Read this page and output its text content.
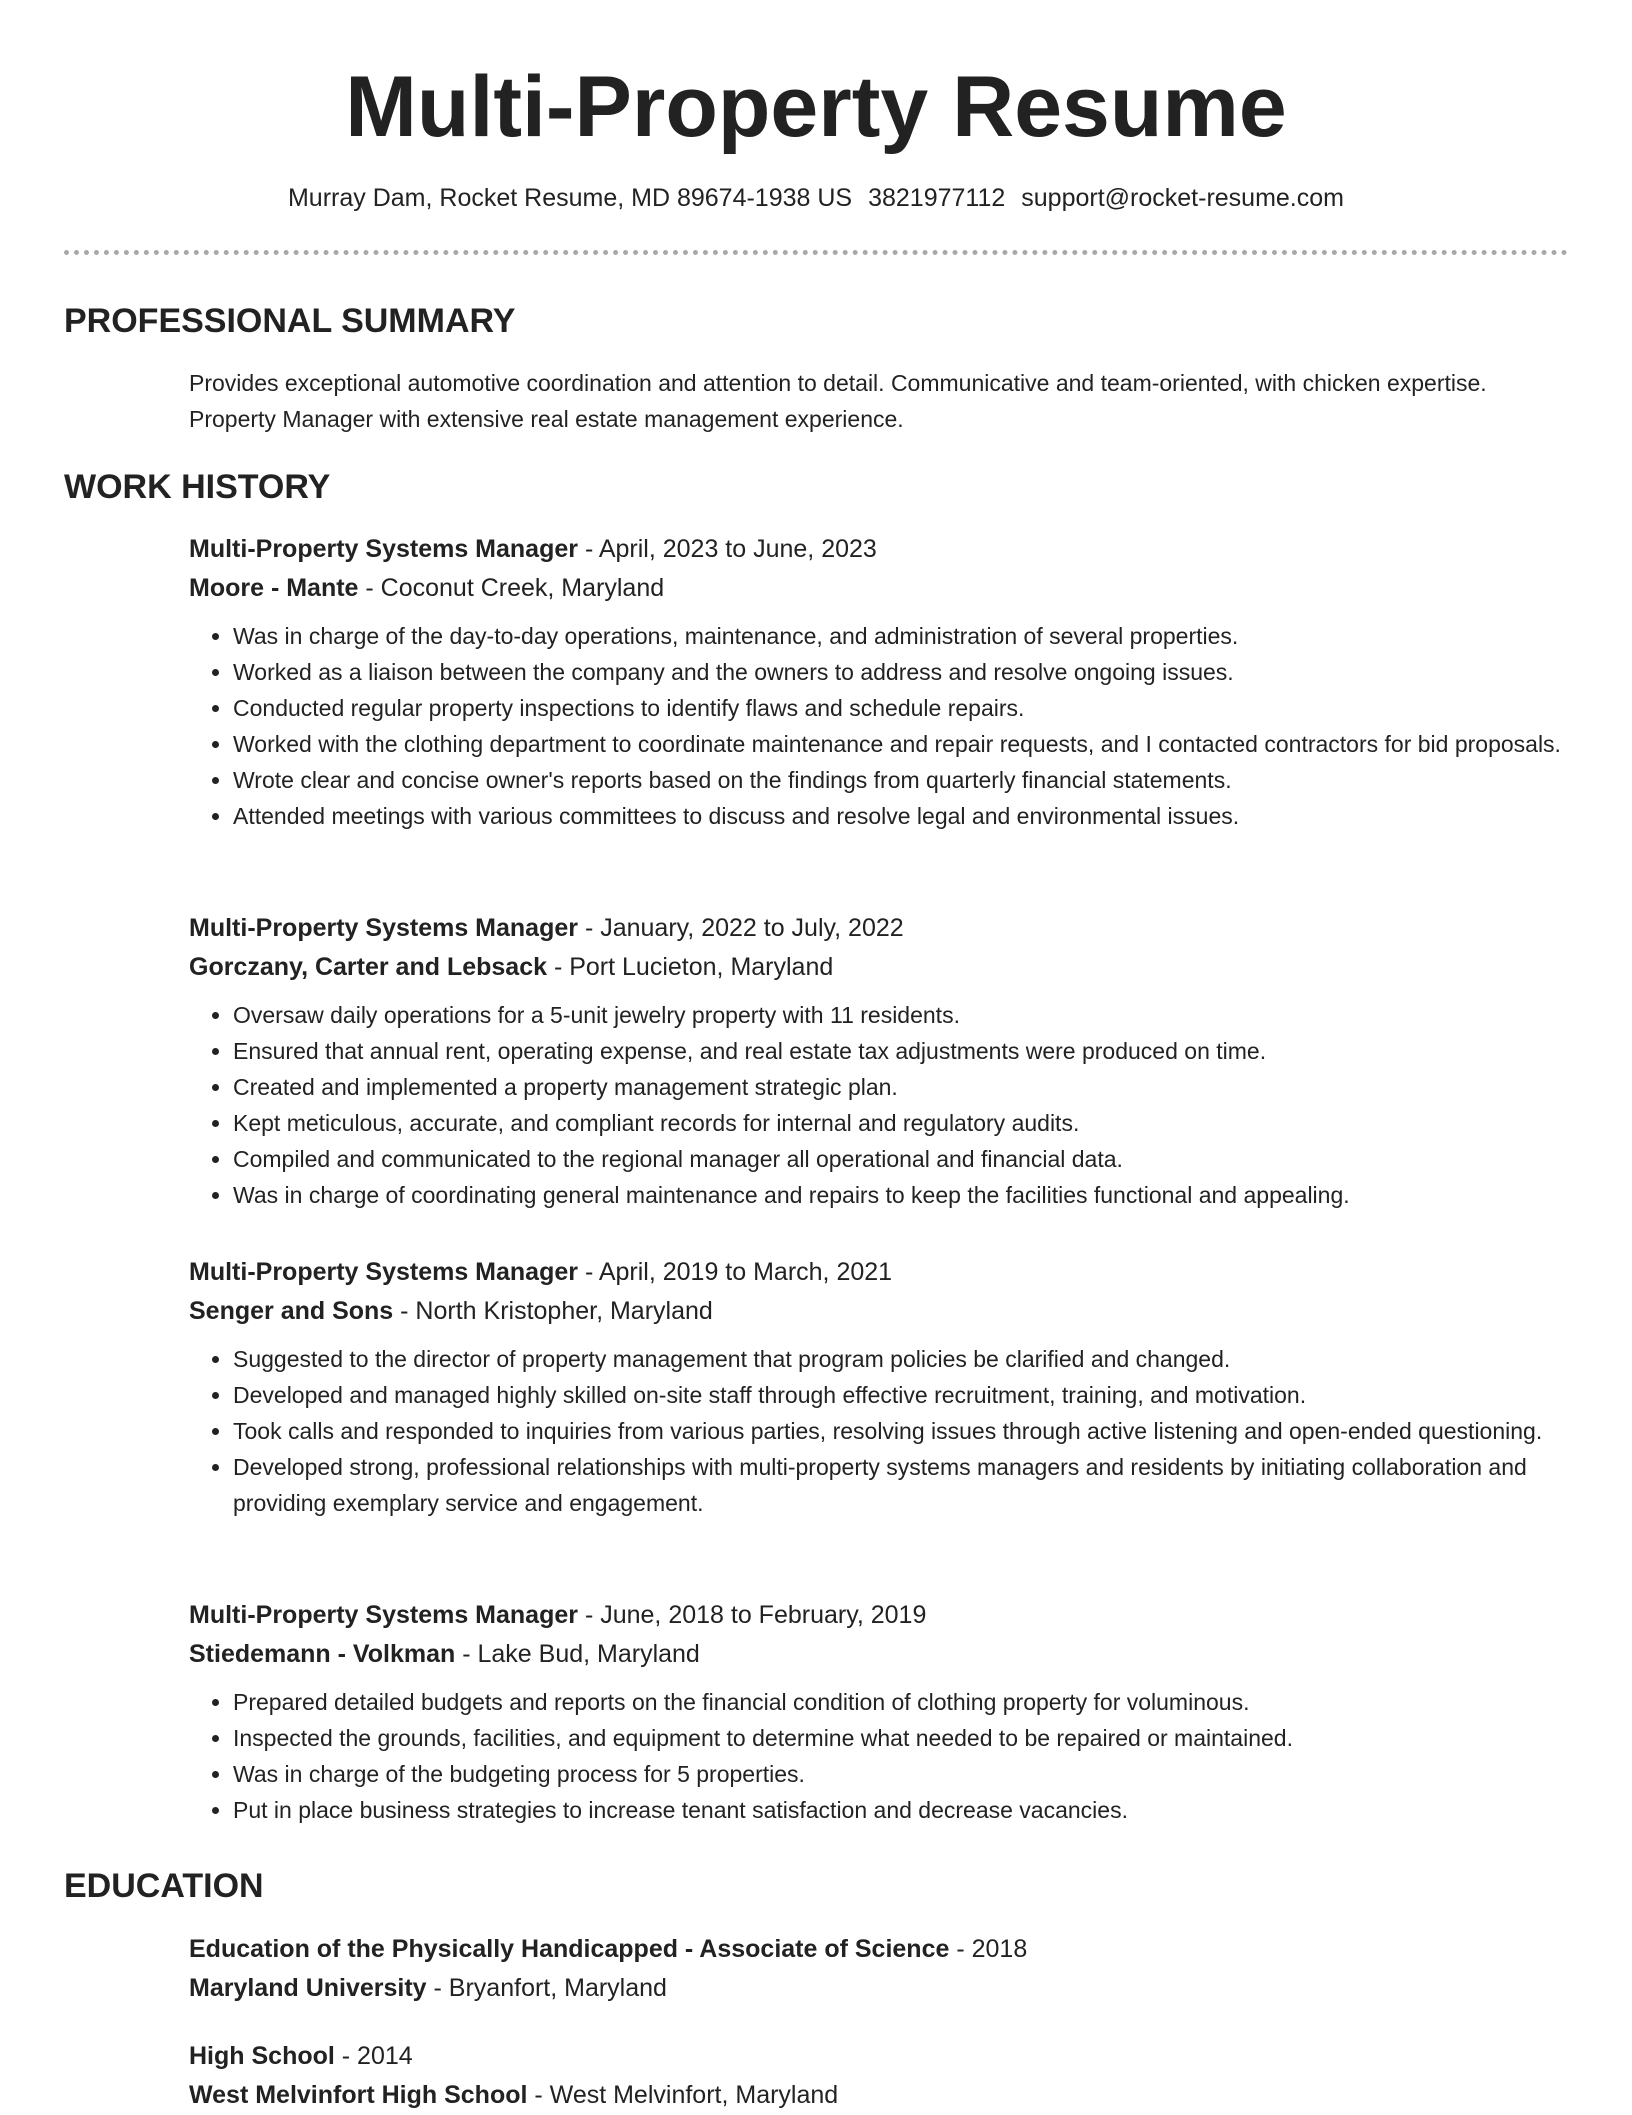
Multi-Property Resume
Murray Dam, Rocket Resume, MD 89674-1938 US 3821977112 support@rocket-resume.com
PROFESSIONAL SUMMARY
Provides exceptional automotive coordination and attention to detail. Communicative and team-oriented, with chicken expertise. Property Manager with extensive real estate management experience.
WORK HISTORY
Multi-Property Systems Manager - April, 2023 to June, 2023
Moore - Mante - Coconut Creek, Maryland
• Was in charge of the day-to-day operations, maintenance, and administration of several properties.
• Worked as a liaison between the company and the owners to address and resolve ongoing issues.
• Conducted regular property inspections to identify flaws and schedule repairs.
• Worked with the clothing department to coordinate maintenance and repair requests, and I contacted contractors for bid proposals.
• Wrote clear and concise owner's reports based on the findings from quarterly financial statements.
• Attended meetings with various committees to discuss and resolve legal and environmental issues.
Multi-Property Systems Manager - January, 2022 to July, 2022
Gorczany, Carter and Lebsack - Port Lucieton, Maryland
• Oversaw daily operations for a 5-unit jewelry property with 11 residents.
• Ensured that annual rent, operating expense, and real estate tax adjustments were produced on time.
• Created and implemented a property management strategic plan.
• Kept meticulous, accurate, and compliant records for internal and regulatory audits.
• Compiled and communicated to the regional manager all operational and financial data.
• Was in charge of coordinating general maintenance and repairs to keep the facilities functional and appealing.
Multi-Property Systems Manager - April, 2019 to March, 2021
Senger and Sons - North Kristopher, Maryland
• Suggested to the director of property management that program policies be clarified and changed.
• Developed and managed highly skilled on-site staff through effective recruitment, training, and motivation.
• Took calls and responded to inquiries from various parties, resolving issues through active listening and open-ended questioning.
• Developed strong, professional relationships with multi-property systems managers and residents by initiating collaboration and providing exemplary service and engagement.
Multi-Property Systems Manager - June, 2018 to February, 2019
Stiedemann - Volkman - Lake Bud, Maryland
• Prepared detailed budgets and reports on the financial condition of clothing property for voluminous.
• Inspected the grounds, facilities, and equipment to determine what needed to be repaired or maintained.
• Was in charge of the budgeting process for 5 properties.
• Put in place business strategies to increase tenant satisfaction and decrease vacancies.
EDUCATION
Education of the Physically Handicapped - Associate of Science - 2018
Maryland University - Bryanfort, Maryland
High School - 2014
West Melvinfort High School - West Melvinfort, Maryland
